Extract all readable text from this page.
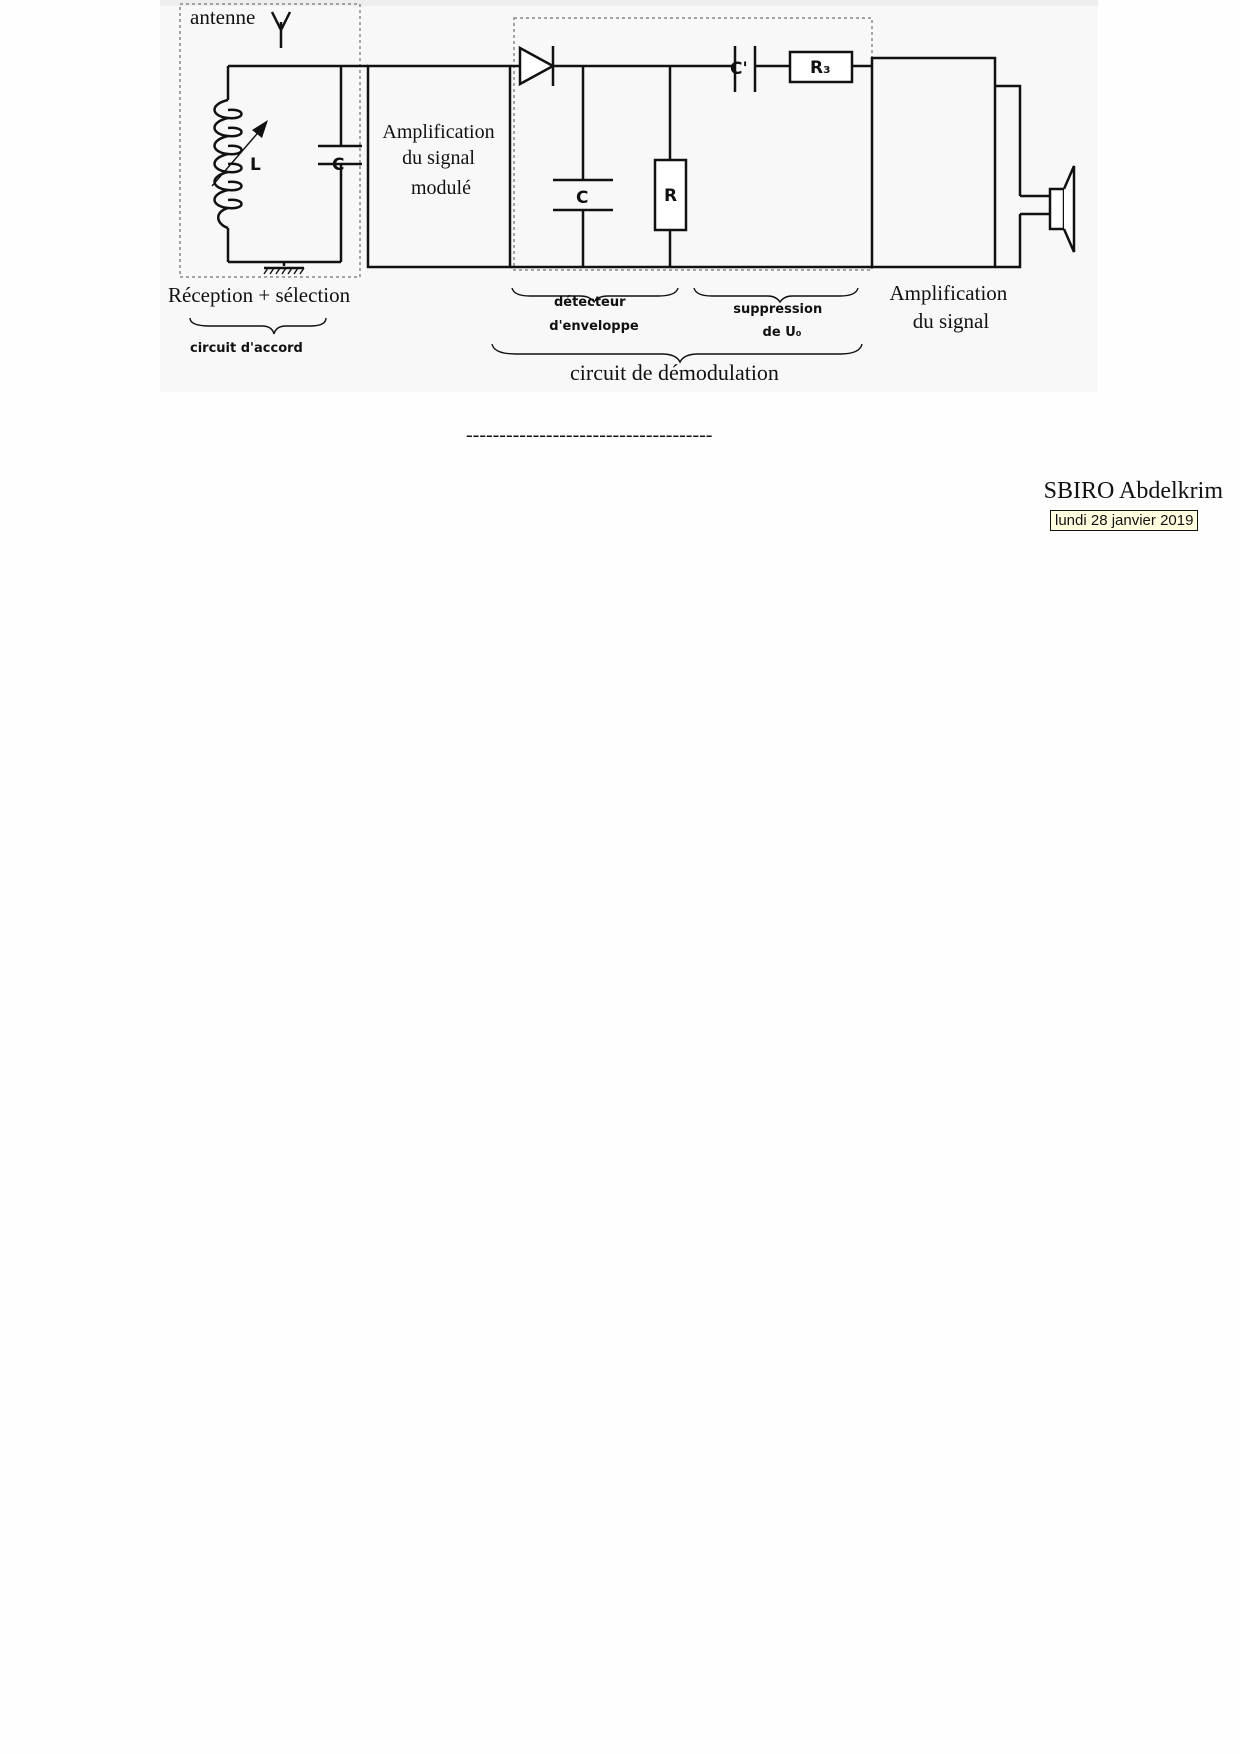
antenne
L	C
Amplification du signal modulé	C	R
C'	R₃
Réception + sélection
circuit d'accord
détecteur d'enveloppe
suppression de U₀
circuit de démodulation
Amplification du signal
-------------------------------------
SBIRO Abdelkrim
lundi 28 janvier 2019
